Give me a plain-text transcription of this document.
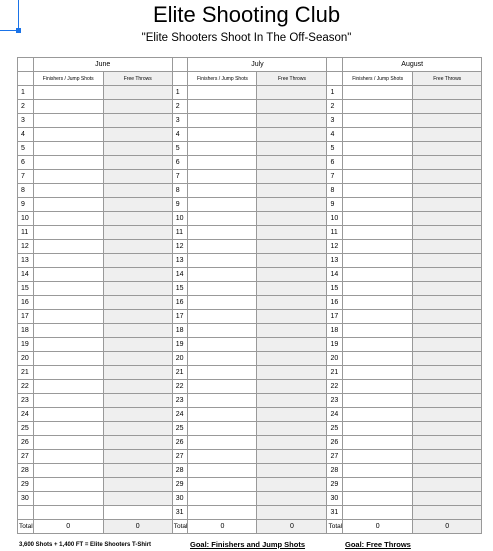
Elite Shooting Club
"Elite Shooters Shoot In The Off-Season"
	June			July			August	
	Finishers / Jump Shots	Free Throws		Finishers / Jump Shots	Free Throws		Finishers / Jump Shots	Free Throws
1			1			1		
2			2			2		
3			3			3		
4			4			4		
5			5			5		
6			6			6		
7			7			7		
8			8			8		
9			9			9		
10			10			10		
11			11			11		
12			12			12		
13			13			13		
14			14			14		
15			15			15		
16			16			16		
17			17			17		
18			18			18		
19			19			19		
20			20			20		
21			21			21		
22			22			22		
23			23			23		
24			24			24		
25			25			25		
26			26			26		
27			27			27		
28			28			28		
29			29			29		
30			30			30		
			31			31		
Total	0	0	Total	0	0	Total	0	0
3,600 Shots + 1,400 FT = Elite Shooters T-Shirt	Goal: Finishers and Jump Shots	Goal: Free Throws
